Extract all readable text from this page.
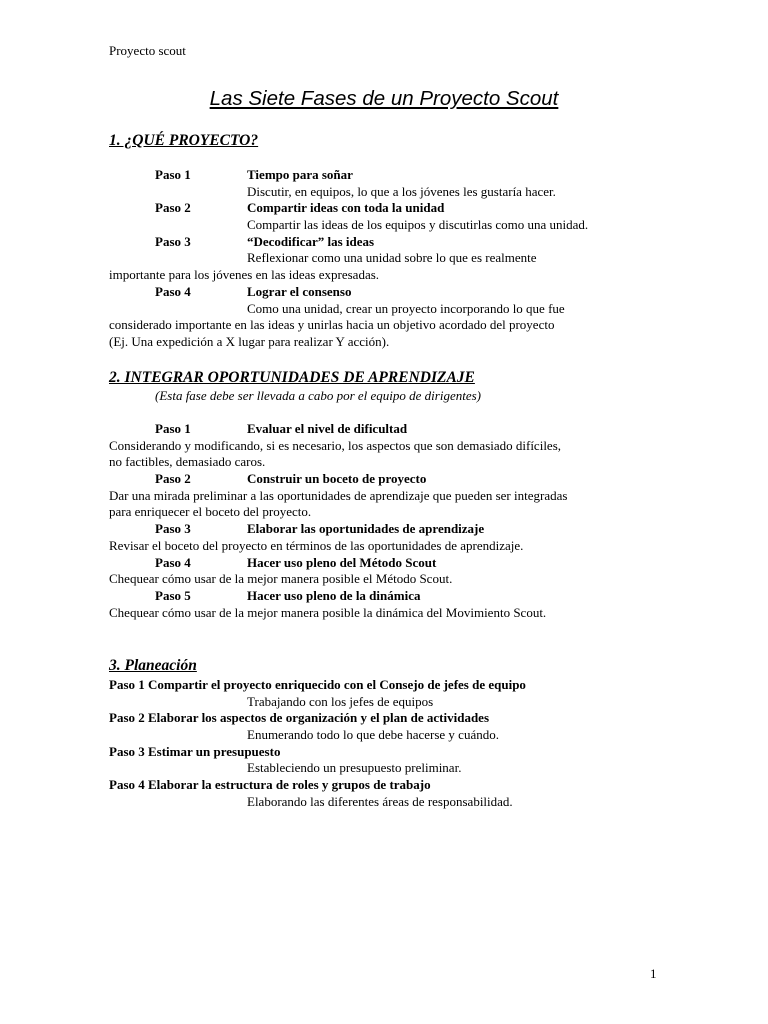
Proyecto scout
Las Siete Fases de un Proyecto Scout
1. ¿QUÉ PROYECTO?
Paso 1	Tiempo para soñar
Discutir, en equipos, lo que a los jóvenes les gustaría hacer.
Paso 2	Compartir ideas con toda la unidad
Compartir las ideas de los equipos y discutirlas como una unidad.
Paso 3	“Decodificar” las ideas
Reflexionar como una unidad sobre lo que es realmente
importante para los jóvenes en las ideas expresadas.
Paso 4	Lograr el consenso
Como una unidad, crear un proyecto incorporando lo que fue
considerado importante en las ideas y unirlas hacia un objetivo acordado del proyecto
(Ej. Una expedición a X lugar para realizar Y acción).
2. INTEGRAR OPORTUNIDADES DE APRENDIZAJE
(Esta fase debe ser llevada a cabo por el equipo de dirigentes)
Paso 1	Evaluar el nivel de dificultad
Considerando y modificando, si es necesario, los aspectos que son demasiado difíciles,
no factibles, demasiado caros.
Paso 2	Construir un boceto de proyecto
Dar una mirada preliminar a las oportunidades de aprendizaje que pueden ser integradas
para enriquecer el boceto del proyecto.
Paso 3	Elaborar las oportunidades de aprendizaje
Revisar el boceto del proyecto en términos de las oportunidades de aprendizaje.
Paso 4	Hacer uso pleno del Método Scout
Chequear cómo usar de la mejor manera posible el Método Scout.
Paso 5	Hacer uso pleno de la dinámica
Chequear cómo usar de la mejor manera posible la dinámica del Movimiento Scout.
3. Planeación
Paso 1 Compartir el proyecto enriquecido con el Consejo de jefes de equipo
Trabajando con los jefes de equipos
Paso 2 Elaborar los aspectos de organización y el plan de actividades
Enumerando todo lo que debe hacerse y cuándo.
Paso 3 Estimar un presupuesto
Estableciendo un presupuesto preliminar.
Paso 4 Elaborar la estructura de roles y grupos de trabajo
Elaborando las diferentes áreas de responsabilidad.
1
